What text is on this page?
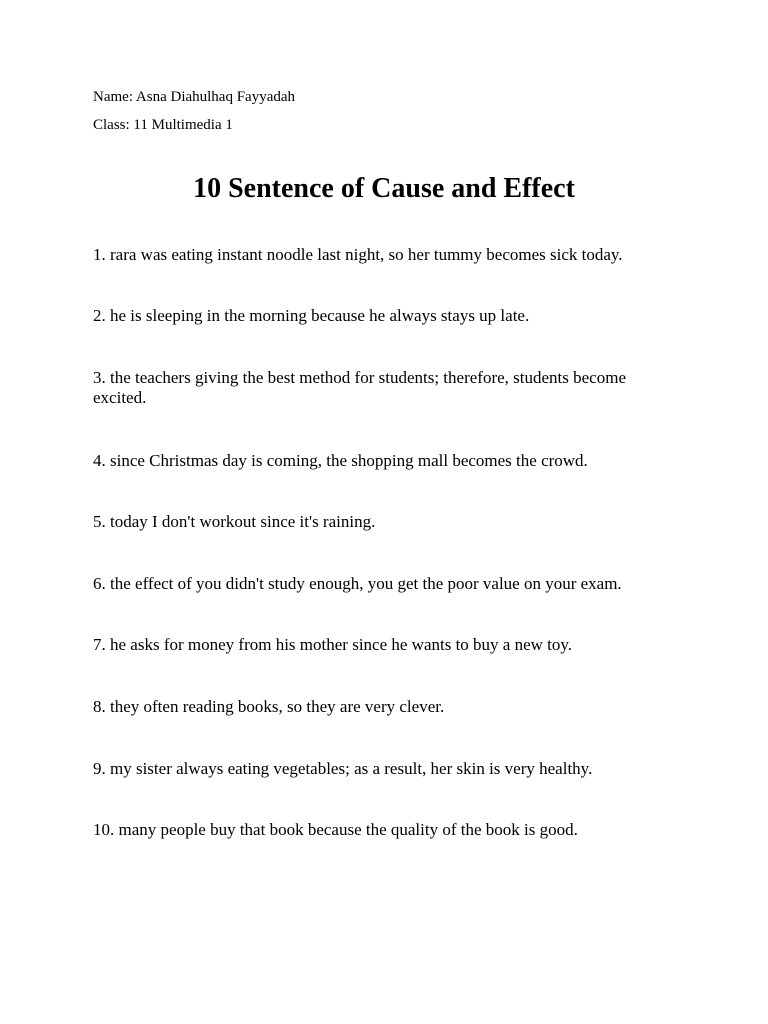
Name: Asna Diahulhaq Fayyadah
Class: 11 Multimedia 1
10 Sentence of Cause and Effect
1. rara was eating instant noodle last night, so her tummy becomes sick today.
2. he is sleeping in the morning because he always stays up late.
3. the teachers giving the best method for students; therefore, students become excited.
4. since Christmas day is coming, the shopping mall becomes the crowd.
5. today I don't workout since it's raining.
6. the effect of you didn't study enough, you get the poor value on your exam.
7. he asks for money from his mother since he wants to buy a new toy.
8. they often reading books, so they are very clever.
9. my sister always eating vegetables; as a result, her skin is very healthy.
10. many people buy that book because the quality of the book is good.
